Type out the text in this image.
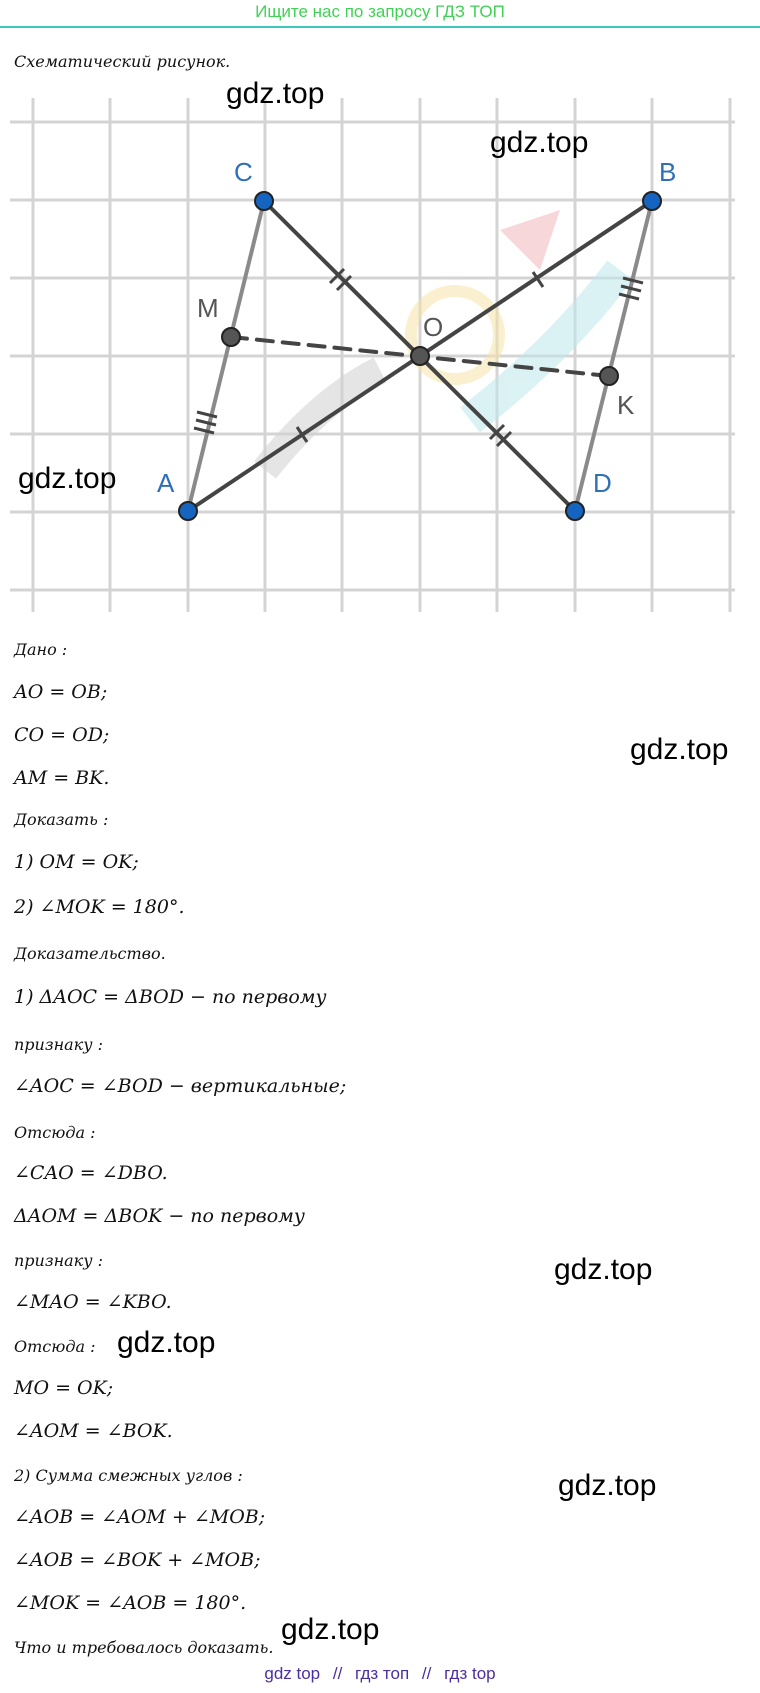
Ищите нас по запросу ГДЗ ТОП
Схематический рисунок.
A
B
C
D
M
K
O
gdz.top
gdz.top
gdz.top
gdz.top
gdz.top
gdz.top
gdz.top
gdz.top
Дано :
AO = OB;
CO = OD;
AM = BK.
Доказать :
1) OM = OK;
2) ∠MOK = 180°.
Доказательство.
1) ΔAOC = ΔBOD − по первому
признаку :
∠AOC = ∠BOD − вертикальные;
Отсюда :
∠CAO = ∠DBO.
ΔAOM = ΔBOK − по первому
признаку :
∠MAO = ∠KBO.
Отсюда :
MO = OK;
∠AOM = ∠BOK.
2) Сумма смежных углов :
∠AOB = ∠AOM + ∠MOB;
∠AOB = ∠BOK + ∠MOB;
∠MOK = ∠AOB = 180°.
Что и требовалось доказать.
gdz top // гдз топ // гдз top
